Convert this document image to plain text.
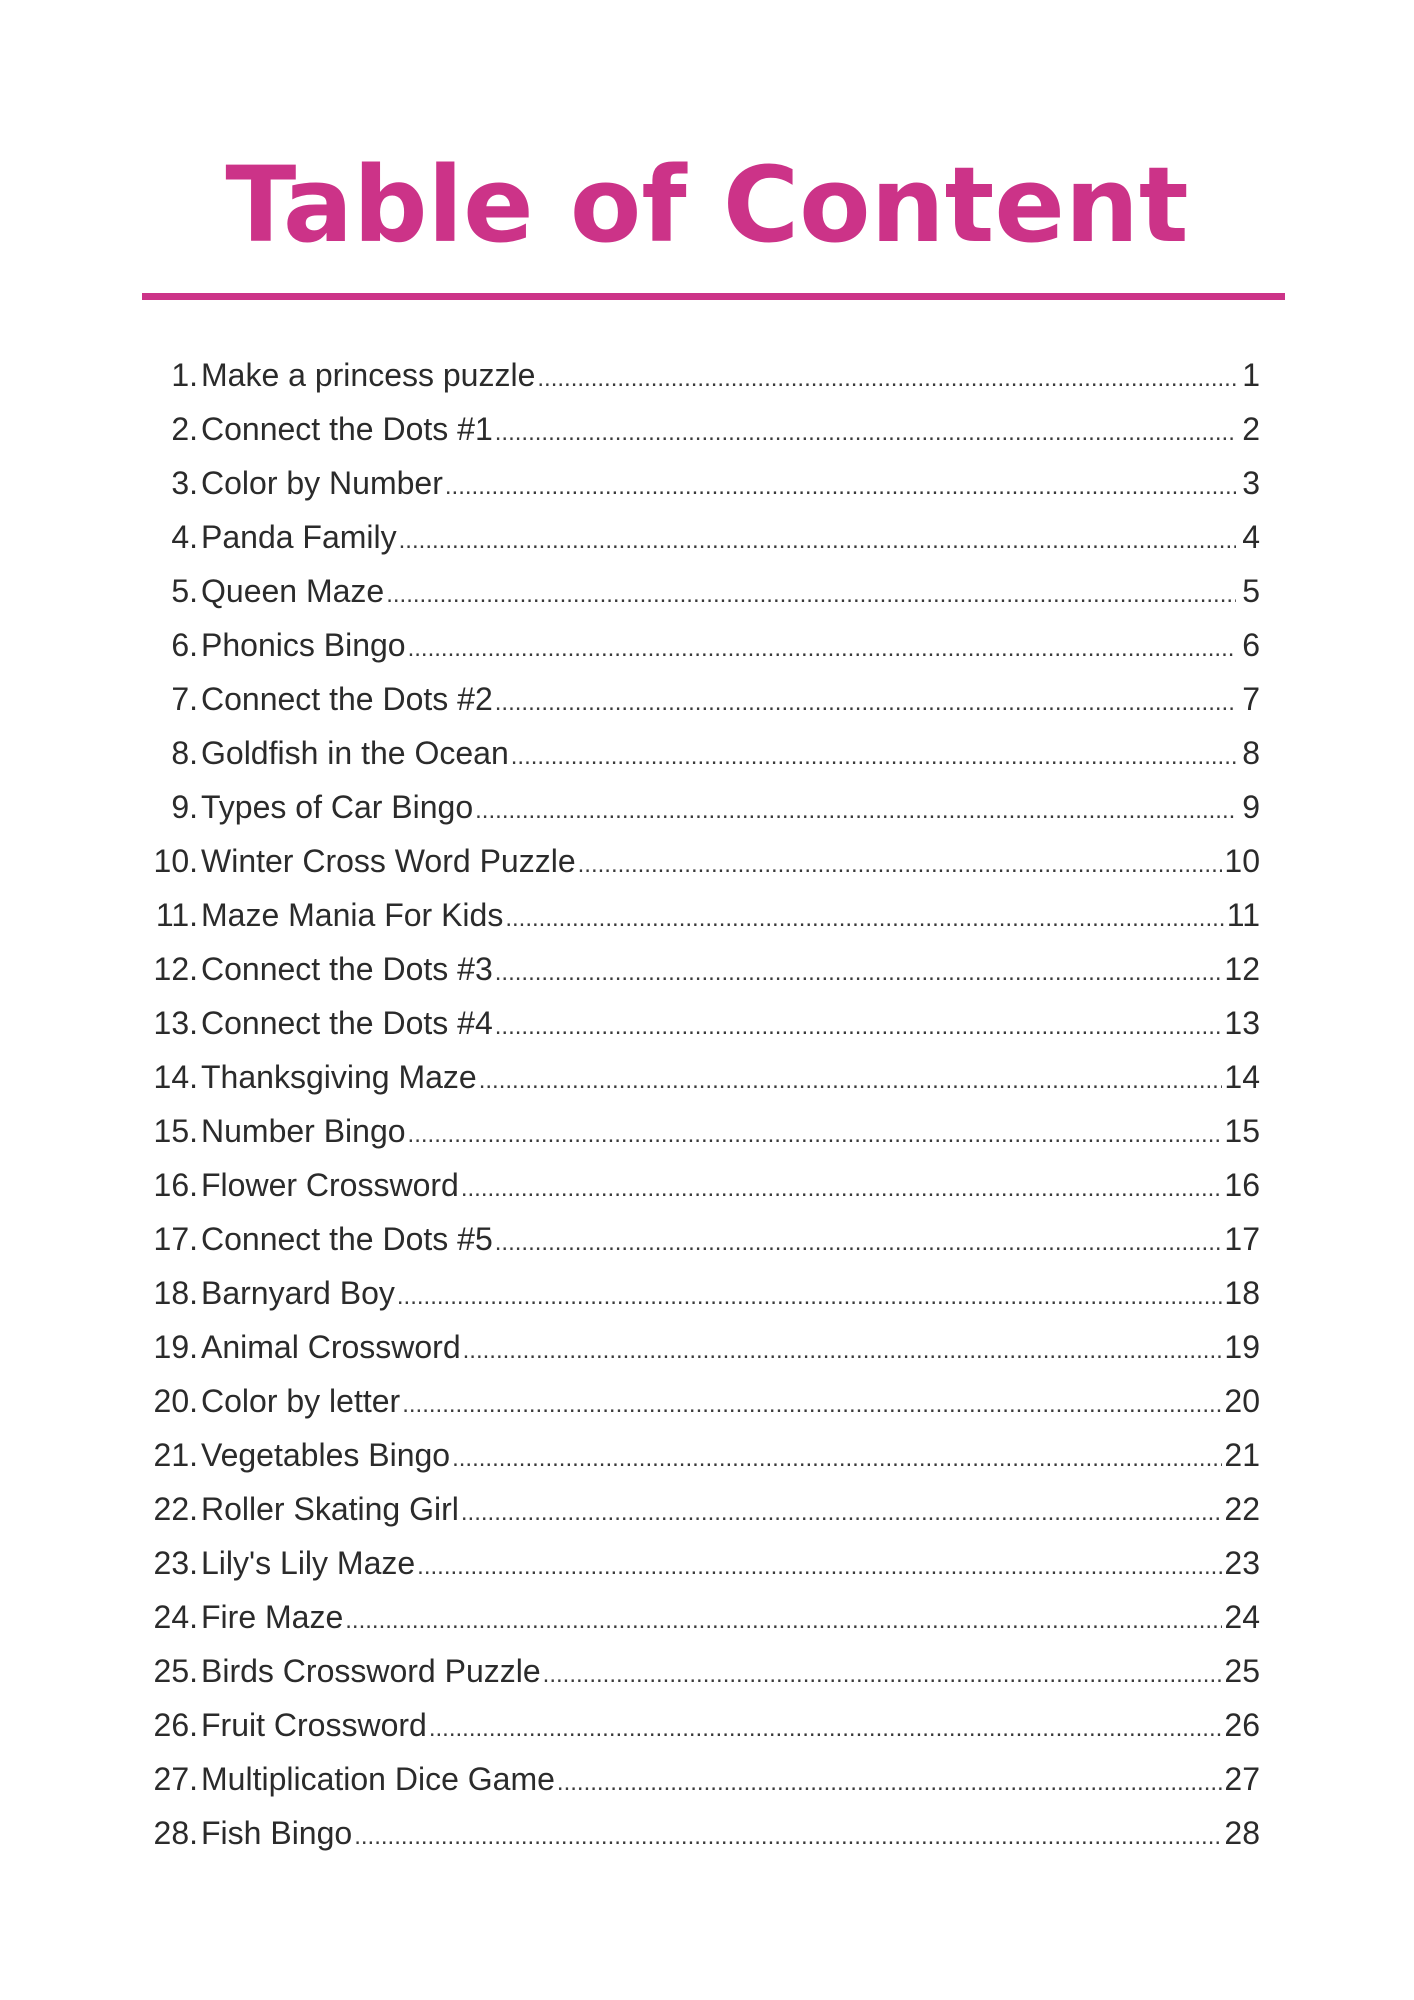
Table of Content
1. Make a princess puzzle .....	1
2. Connect the Dots #1 .....	2
3. Color by Number .....	3
4. Panda Family .....	4
5. Queen Maze .....	5
6. Phonics Bingo .....	6
7. Connect the Dots #2 .....	7
8. Goldfish in the Ocean .....	8
9. Types of Car Bingo .....	9
10. Winter Cross Word Puzzle .....	10
11. Maze Mania For Kids .....	11
12. Connect the Dots #3 .....	12
13. Connect the Dots #4 .....	13
14. Thanksgiving Maze .....	14
15. Number Bingo .....	15
16. Flower Crossword .....	16
17. Connect the Dots #5 .....	17
18. Barnyard Boy .....	18
19. Animal Crossword .....	19
20. Color by letter .....	20
21. Vegetables Bingo .....	21
22. Roller Skating Girl .....	22
23. Lily's Lily Maze .....	23
24. Fire Maze .....	24
25. Birds Crossword Puzzle .....	25
26. Fruit Crossword .....	26
27. Multiplication Dice Game .....	27
28. Fish Bingo .....	28
